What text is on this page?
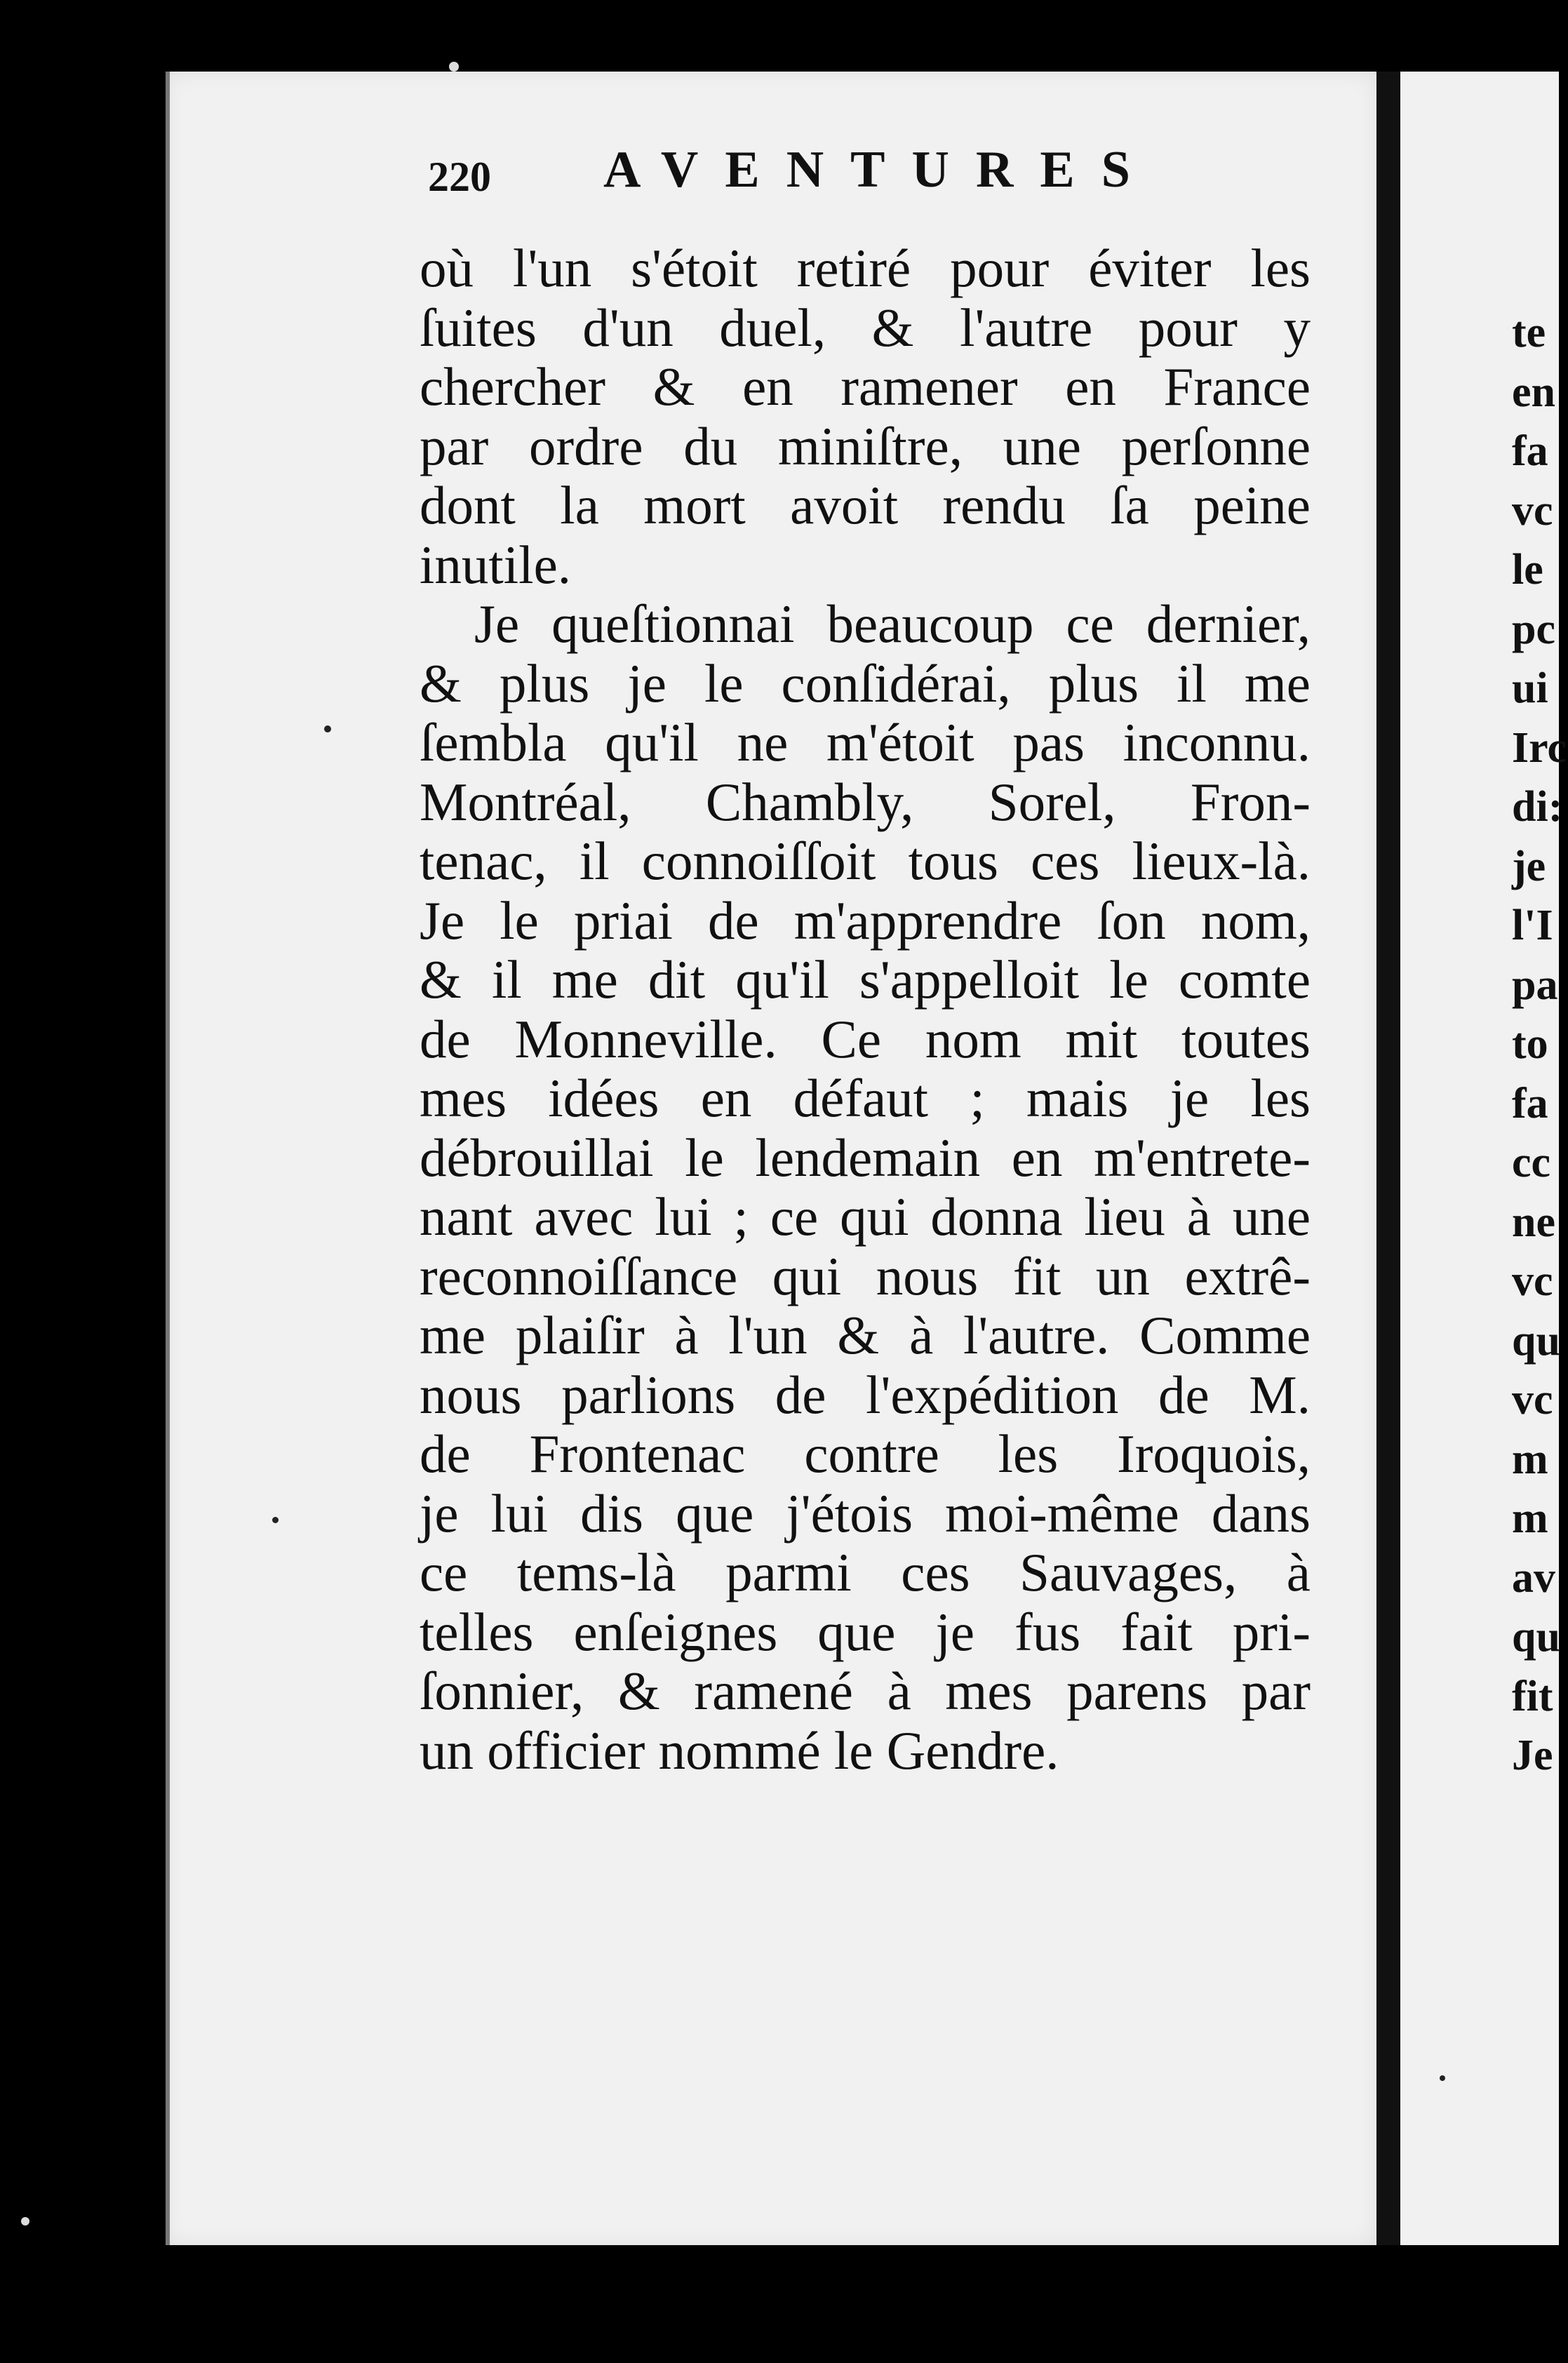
220 AVENTURES
où l'un s'étoit retiré pour éviter les
ſuites d'un duel, & l'autre pour y
chercher & en ramener en France
par ordre du miniſtre, une perſonne
dont la mort avoit rendu ſa peine
inutile.
Je queſtionnai beaucoup ce dernier,
& plus je le conſidérai, plus il me
ſembla qu'il ne m'étoit pas inconnu.
Montréal, Chambly, Sorel, Fron-
tenac, il connoiſſoit tous ces lieux-là.
Je le priai de m'apprendre ſon nom,
& il me dit qu'il s'appelloit le comte
de Monneville. Ce nom mit toutes
mes idées en défaut ; mais je les
débrouillai le lendemain en m'entrete-
nant avec lui ; ce qui donna lieu à une
reconnoiſſance qui nous fit un extrê-
me plaiſir à l'un & à l'autre. Comme
nous parlions de l'expédition de M.
de Frontenac contre les Iroquois,
je lui dis que j'étois moi-même dans
ce tems-là parmi ces Sauvages, à
telles enſeignes que je fus fait pri-
ſonnier, & ramené à mes parens par
un officier nommé le Gendre.
te
en
fa
vc
le
pc
ui
Irc
di:
je
l'I
pa
to
fa
cc
ne
vc
qu
vc
m
m
av
qu
fit
Je
